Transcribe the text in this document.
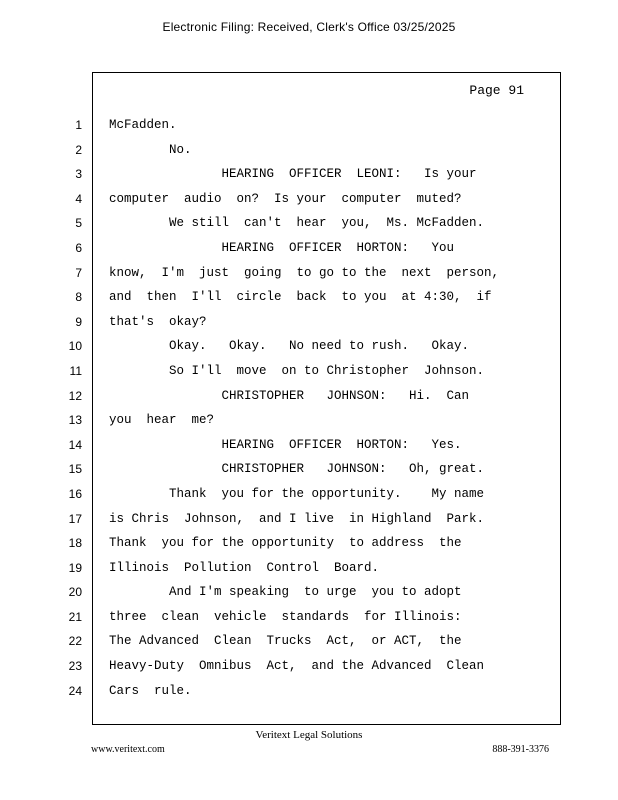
Electronic Filing: Received, Clerk's Office 03/25/2025
Page 91
1
2
3
4
5
6
7
8
9
10
11
12
13
14
15
16
17
18
19
20
21
22
23
24
McFadden.
No.
HEARING  OFFICER  LEONI:   Is your
computer  audio  on?  Is your  computer  muted?
We still  can't  hear  you,  Ms. McFadden.
HEARING  OFFICER  HORTON:   You
know,  I'm  just  going  to go to the  next  person,
and  then  I'll  circle  back  to you  at 4:30,  if
that's  okay?
Okay.   Okay.   No need to rush.   Okay.
So I'll  move  on to Christopher  Johnson.
CHRISTOPHER   JOHNSON:   Hi.  Can
you  hear  me?
HEARING  OFFICER  HORTON:   Yes.
CHRISTOPHER   JOHNSON:   Oh, great.
Thank  you for the opportunity.    My name
is Chris  Johnson,  and I live  in Highland  Park.
Thank  you for the opportunity  to address  the
Illinois  Pollution  Control  Board.
And I'm speaking  to urge  you to adopt
three  clean  vehicle  standards  for Illinois:
The Advanced  Clean  Trucks  Act,  or ACT,  the
Heavy-Duty  Omnibus  Act,  and the Advanced  Clean
Cars  rule.
Veritext Legal Solutions
www.veritext.com	888-391-3376
